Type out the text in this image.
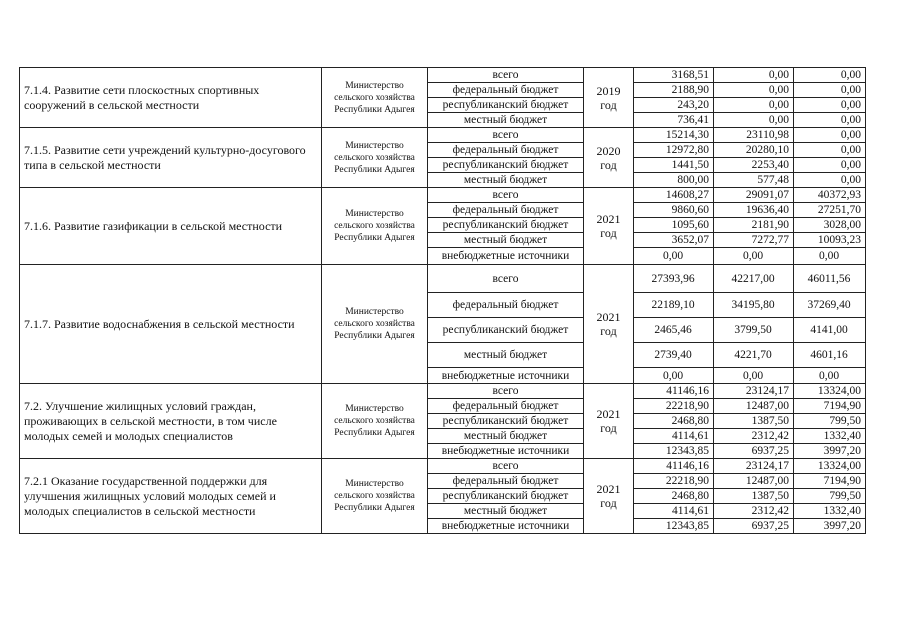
7.1.4. Развитие сети плоскостных спортивных сооружений в сельской местности	Министерство сельского хозяйства Республики Адыгея	всего	2019 год	3168,51	0,00	0,00
		федеральный бюджет		2188,90	0,00	0,00
		республиканский бюджет		243,20	0,00	0,00
		местный бюджет		736,41	0,00	0,00
7.1.5. Развитие сети учреждений культурно-досугового типа в сельской местности	Министерство сельского хозяйства Республики Адыгея	всего	2020 год	15214,30	23110,98	0,00
		федеральный бюджет		12972,80	20280,10	0,00
		республиканский бюджет		1441,50	2253,40	0,00
		местный бюджет		800,00	577,48	0,00
7.1.6. Развитие газификации в сельской местности	Министерство сельского хозяйства Республики Адыгея	всего	2021 год	14608,27	29091,07	40372,93
		федеральный бюджет		9860,60	19636,40	27251,70
		республиканский бюджет		1095,60	2181,90	3028,00
		местный бюджет		3652,07	7272,77	10093,23
		внебюджетные источники		0,00	0,00	0,00
7.1.7. Развитие водоснабжения в сельской местности	Министерство сельского хозяйства Республики Адыгея	всего	2021 год	27393,96	42217,00	46011,56
		федеральный бюджет		22189,10	34195,80	37269,40
		республиканский бюджет		2465,46	3799,50	4141,00
		местный бюджет		2739,40	4221,70	4601,16
		внебюджетные источники		0,00	0,00	0,00
7.2. Улучшение жилищных условий граждан, проживающих в сельской местности, в том числе молодых семей и молодых специалистов	Министерство сельского хозяйства Республики Адыгея	всего	2021 год	41146,16	23124,17	13324,00
		федеральный бюджет		22218,90	12487,00	7194,90
		республиканский бюджет		2468,80	1387,50	799,50
		местный бюджет		4114,61	2312,42	1332,40
		внебюджетные источники		12343,85	6937,25	3997,20
7.2.1 Оказание государственной поддержки для улучшения жилищных условий молодых семей и молодых специалистов в сельской местности	Министерство сельского хозяйства Республики Адыгея	всего	2021 год	41146,16	23124,17	13324,00
		федеральный бюджет		22218,90	12487,00	7194,90
		республиканский бюджет		2468,80	1387,50	799,50
		местный бюджет		4114,61	2312,42	1332,40
		внебюджетные источники		12343,85	6937,25	3997,20
